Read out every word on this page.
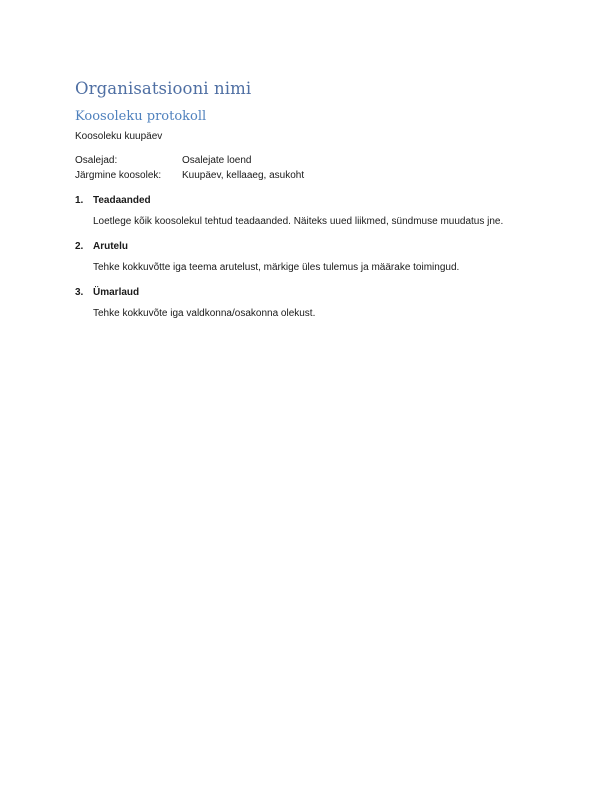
Organisatsiooni nimi
Koosoleku protokoll
Koosoleku kuupäev
Osalejad:	Osalejate loend
Järgmine koosolek:	Kuupäev, kellaaeg, asukoht
1. Teadaanded
Loetlege kõik koosolekul tehtud teadaanded. Näiteks uued liikmed, sündmuse muudatus jne.
2. Arutelu
Tehke kokkuvõtte iga teema arutelust, märkige üles tulemus ja määrake toimingud.
3. Ümarlaud
Tehke kokkuvõte iga valdkonna/osakonna olekust.
